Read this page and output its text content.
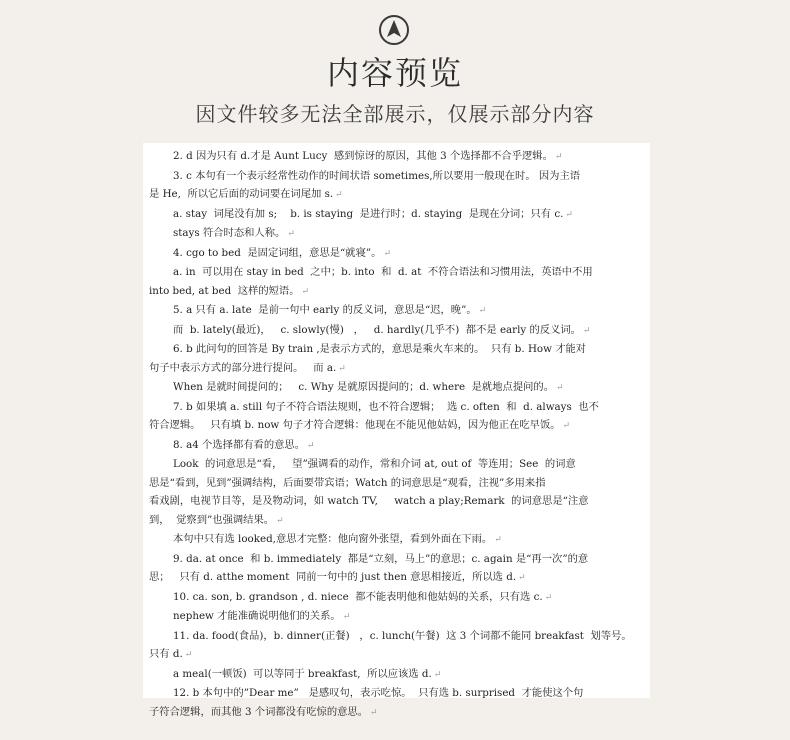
内容预览
因文件较多无法全部展示，仅展示部分内容

2. d 因为只有 d.才是 Aunt Lucy  感到惊讶的原因，其他 3 个选择都不合乎逻辑。 ↵

3. c 本句有一个表示经常性动作的时间状语 sometimes,所以要用一般现在时。 因为主语

是 He,  所以它后面的动词要在词尾加 s. ↵

a. stay  词尾没有加 s;    b. is staying  是进行时；d. staying  是现在分词；只有 c. ↵

stays 符合时态和人称。 ↵

4. cgo to bed  是固定词组，意思是“就寝”。 ↵

a. in  可以用在 stay in bed  之中；b. into  和  d. at  不符合语法和习惯用法，英语中不用

into bed, at bed  这样的短语。 ↵

5. a 只有 a. late  是前一句中 early 的反义词，意思是“迟，晚”。 ↵

而  b. lately(最近)，   c. slowly(慢)   ，   d. hardly(几乎不)  都不是 early 的反义词。 ↵

6. b 此问句的回答是 By train ,是表示方式的，意思是乘火车来的。  只有 b. How 才能对

句子中表示方式的部分进行提问。   而 a. ↵

When 是就时间提问的；   c. Why 是就原因提问的；d. where  是就地点提问的。 ↵

7. b 如果填 a. still 句子不符合语法规则，也不符合逻辑；  选 c. often  和  d. always  也不

符合逻辑。   只有填 b. now 句子才符合逻辑：他现在不能见他姑妈，因为他正在吃早饭。 ↵

8. a4 个选择都有看的意思。 ↵

Look  的词意思是“看，   望”强调看的动作，常和介词 at, out of  等连用；See  的词意

思是“看到，见到”强调结构，后面要带宾语；Watch 的词意思是“观看，注视”多用来指

看戏剧，电视节目等，是及物动词，如 watch TV,     watch a play;Remark  的词意思是“注意

到，  觉察到”也强调结果。 ↵

本句中只有选 looked,意思才完整：他向窗外张望，看到外面在下雨。 ↵

9. da. at once  和 b. immediately  都是“立刻，马上”的意思；c. again 是“再一次”的意

思；   只有 d. atthe moment  同前一句中的 just then 意思相接近，所以选 d. ↵

10. ca. son, b. grandson , d. niece  都不能表明他和他姑妈的关系，只有选 c. ↵

nephew 才能准确说明他们的关系。 ↵

11. da. food(食品)，b. dinner(正餐)   ，c. lunch(午餐)  这 3 个词都不能同 breakfast  划等号。

只有 d. ↵

a meal(一顿饭)  可以等同于 breakfast,  所以应该选 d. ↵

12. b 本句中的”Dear me”   是感叹句，表示吃惊。  只有选 b. surprised  才能使这个句

子符合逻辑，而其他 3 个词都没有吃惊的意思。 ↵
